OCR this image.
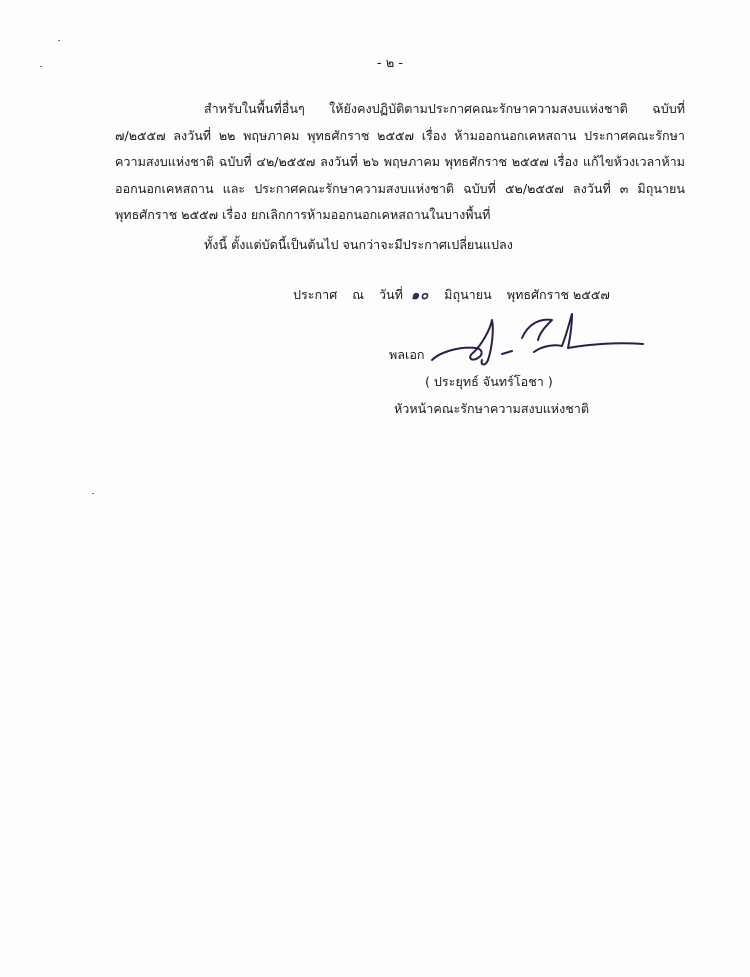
- ๒ -

สำหรับในพื้นที่อื่นๆ ให้ยังคงปฏิบัติตามประกาศคณะรักษาความสงบแห่งชาติ ฉบับที่ ๗/๒๕๕๗ ลงวันที่ ๒๒ พฤษภาคม พุทธศักราช ๒๕๕๗ เรื่อง ห้ามออกนอกเคหสถาน ประกาศคณะรักษาความสงบแห่งชาติ ฉบับที่ ๔๒/๒๕๕๗ ลงวันที่ ๒๖ พฤษภาคม พุทธศักราช ๒๕๕๗ เรื่อง แก้ไขห้วงเวลาห้ามออกนอกเคหสถาน และ ประกาศคณะรักษาความสงบแห่งชาติ ฉบับที่ ๕๒/๒๕๕๗ ลงวันที่ ๓ มิถุนายน พุทธศักราช ๒๕๕๗ เรื่อง ยกเลิกการห้ามออกนอกเคหสถานในบางพื้นที่

ทั้งนี้ ตั้งแต่บัดนี้เป็นต้นไป จนกว่าจะมีประกาศเปลี่ยนแปลง

ประกาศ ณ วันที่ ๑๐ มิถุนายน พุทธศักราช ๒๕๕๗
พลเอก
( ประยุทธ์ จันทร์โอชา )
หัวหน้าคณะรักษาความสงบแห่งชาติ
